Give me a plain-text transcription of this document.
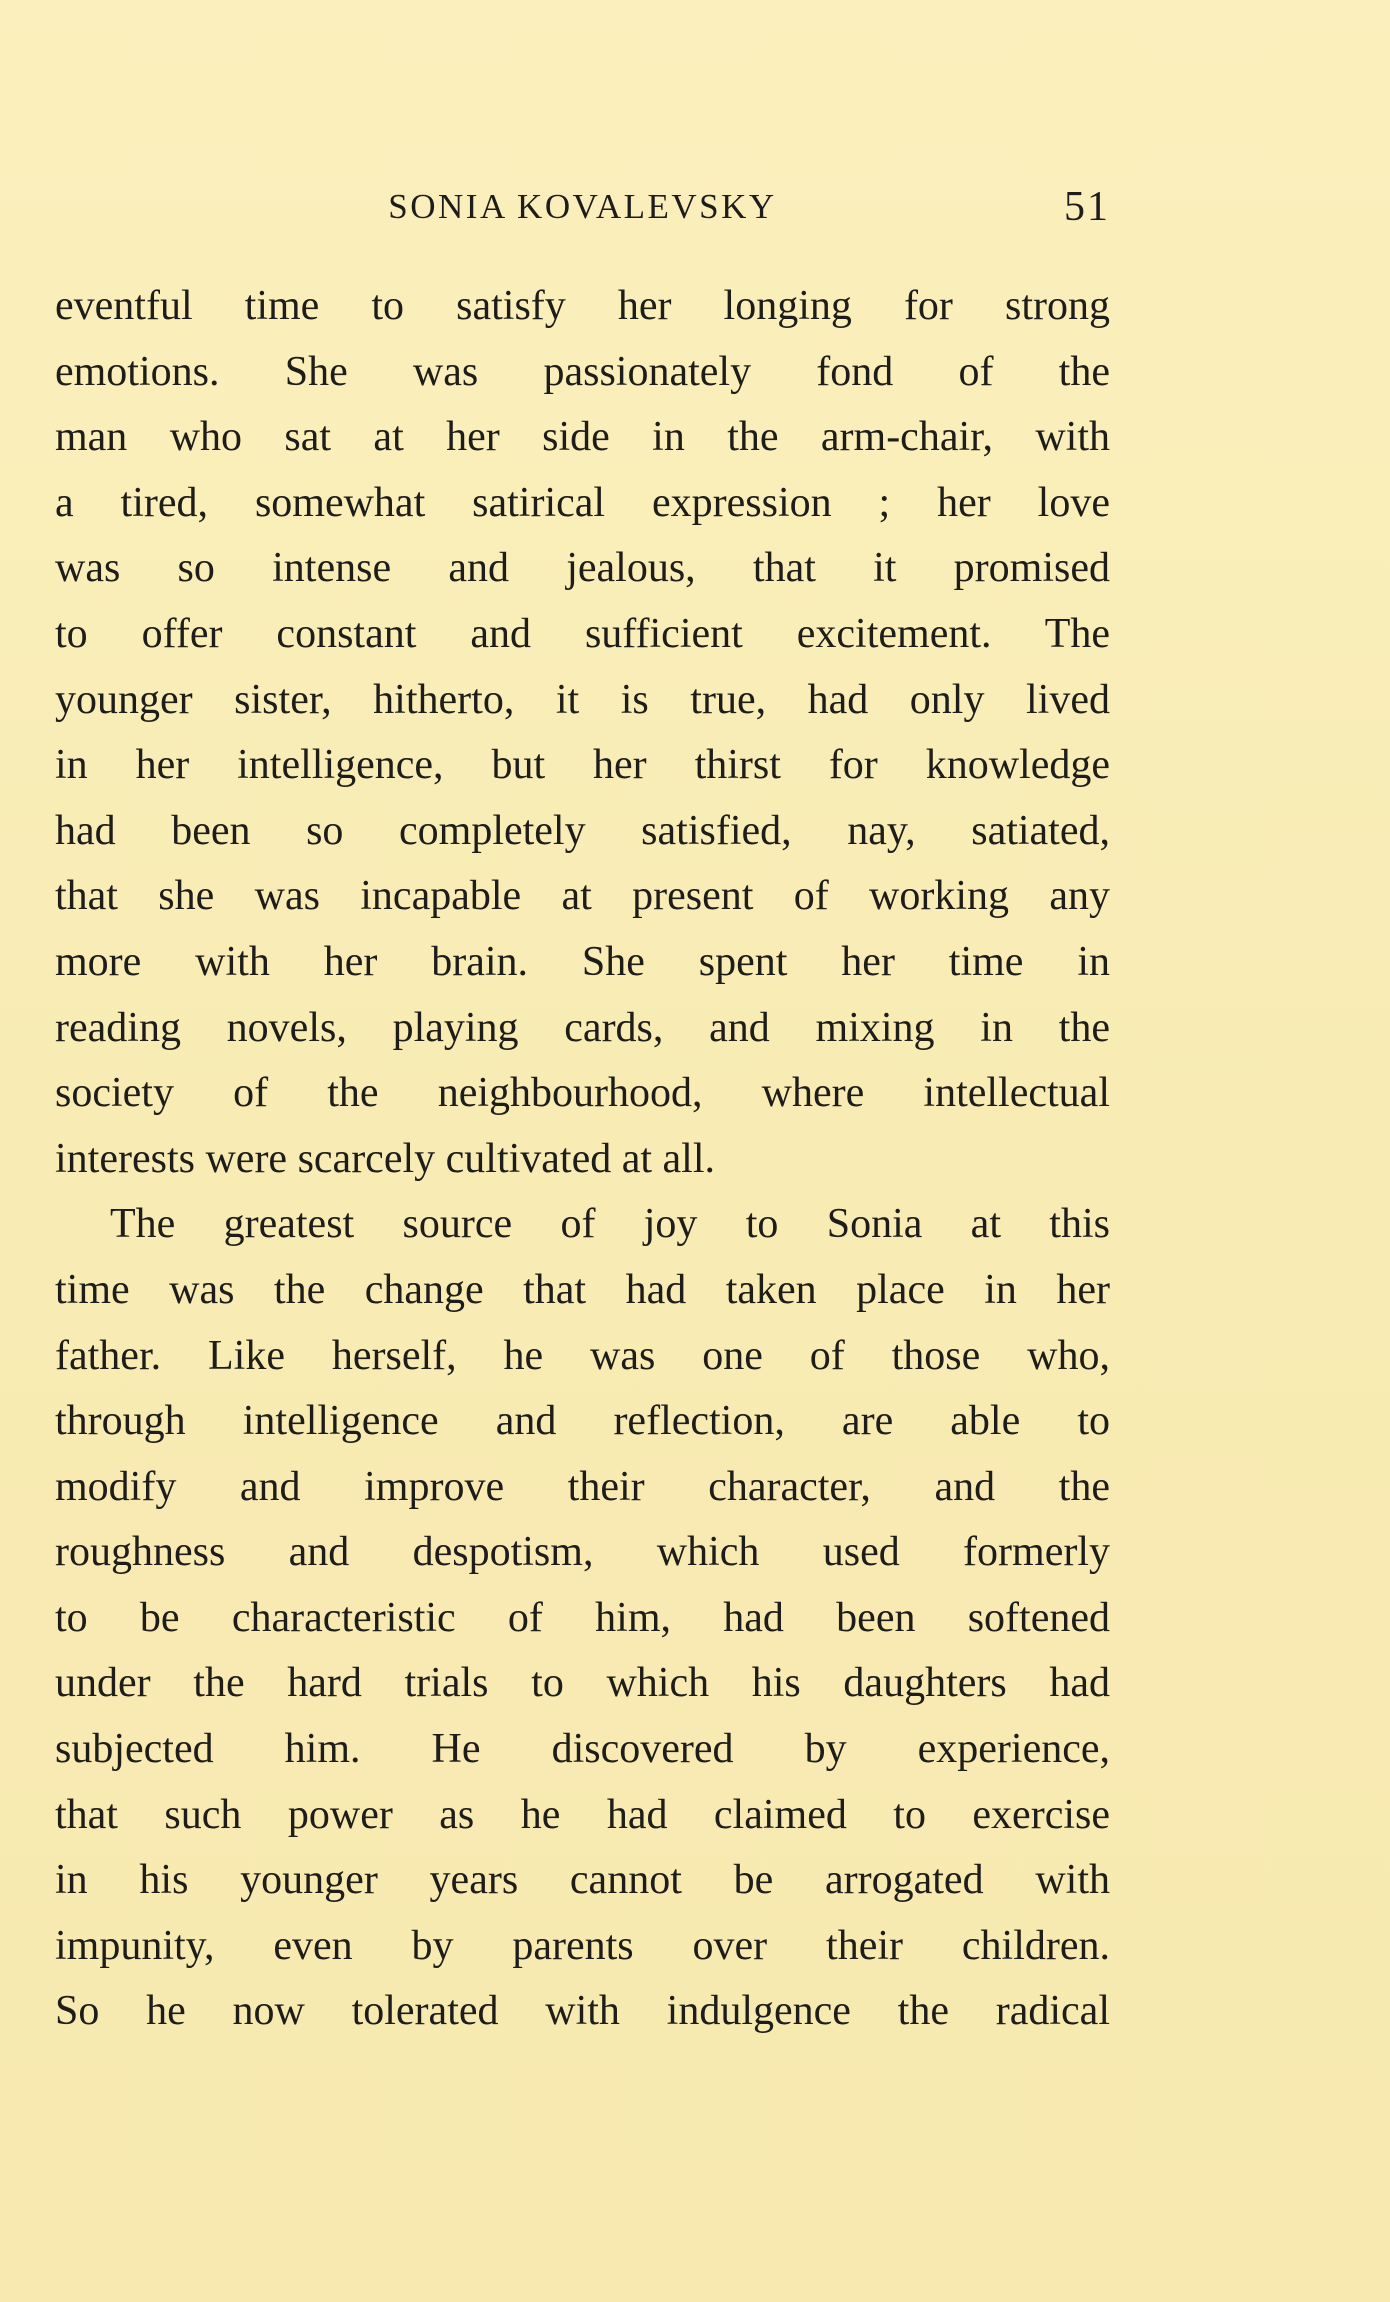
SONIA KOVALEVSKY	51
eventful time to satisfy her longing for strong
emotions. She was passionately fond of the
man who sat at her side in the arm-chair, with
a tired, somewhat satirical expression ; her love
was so intense and jealous, that it promised
to offer constant and sufficient excitement. The
younger sister, hitherto, it is true, had only lived
in her intelligence, but her thirst for knowledge
had been so completely satisfied, nay, satiated,
that she was incapable at present of working any
more with her brain. She spent her time in
reading novels, playing cards, and mixing in the
society of the neighbourhood, where intellectual
interests were scarcely cultivated at all.
The greatest source of joy to Sonia at this
time was the change that had taken place in her
father. Like herself, he was one of those who,
through intelligence and reflection, are able to
modify and improve their character, and the
roughness and despotism, which used formerly
to be characteristic of him, had been softened
under the hard trials to which his daughters had
subjected him. He discovered by experience,
that such power as he had claimed to exercise
in his younger years cannot be arrogated with
impunity, even by parents over their children.
So he now tolerated with indulgence the radical
